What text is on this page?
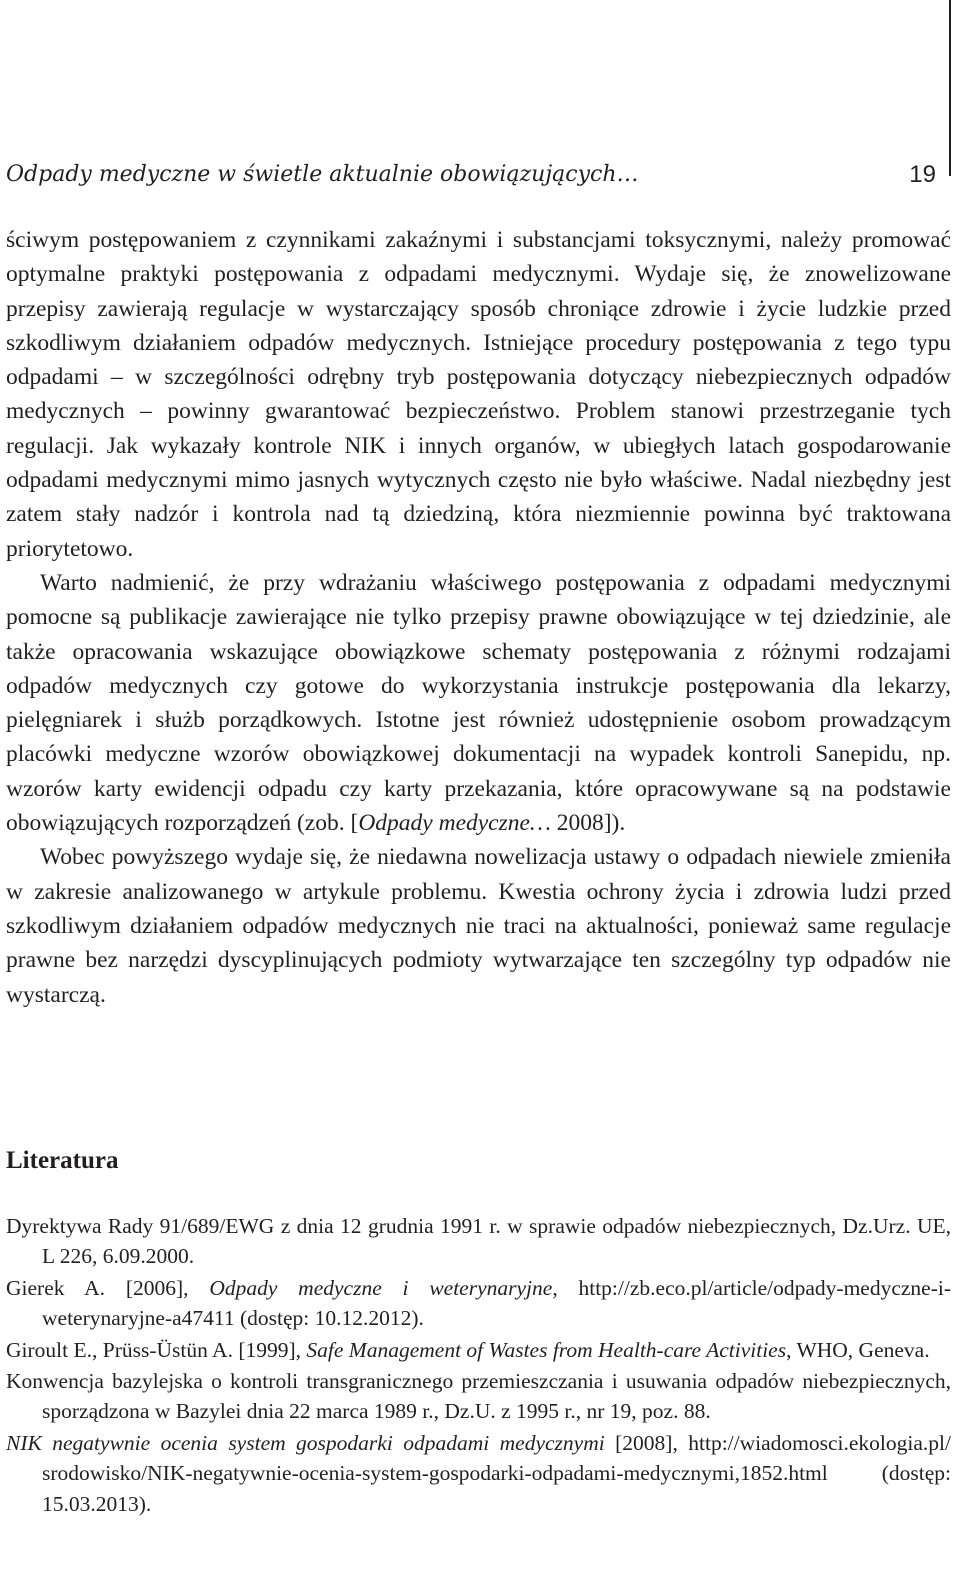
Odpady medyczne w świetle aktualnie obowiązujących…	19

ściwym postępowaniem z czynnikami zakaźnymi i substancjami toksycznymi, należy promować optymalne praktyki postępowania z odpadami medycznymi. Wydaje się, że znowelizowane przepisy zawierają regulacje w wystarczający sposób chroniące zdrowie i życie ludzkie przed szkodliwym działaniem odpadów medycznych. Istniejące procedury postępowania z tego typu odpadami – w szczególności odrębny tryb postępowania dotyczący niebezpiecznych odpadów medycznych – powinny gwarantować bezpieczeństwo. Problem stanowi przestrzeganie tych regulacji. Jak wykazały kontrole NIK i innych organów, w ubiegłych latach gospodarowanie odpadami medycznymi mimo jasnych wytycznych często nie było właściwe. Nadal niezbędny jest zatem stały nadzór i kontrola nad tą dziedziną, która niezmiennie powinna być traktowana priorytetowo.

Warto nadmienić, że przy wdrażaniu właściwego postępowania z odpadami medycznymi pomocne są publikacje zawierające nie tylko przepisy prawne obowiązujące w tej dziedzinie, ale także opracowania wskazujące obowiązkowe schematy postępowania z różnymi rodzajami odpadów medycznych czy gotowe do wykorzystania instrukcje postępowania dla lekarzy, pielęgniarek i służb porządkowych. Istotne jest również udostępnienie osobom prowadzącym placówki medyczne wzorów obowiązkowej dokumentacji na wypadek kontroli Sanepidu, np. wzorów karty ewidencji odpadu czy karty przekazania, które opracowywane są na podstawie obowiązujących rozporządzeń (zob. [Odpady medyczne… 2008]).

Wobec powyższego wydaje się, że niedawna nowelizacja ustawy o odpadach niewiele zmieniła w zakresie analizowanego w artykule problemu. Kwestia ochrony życia i zdrowia ludzi przed szkodliwym działaniem odpadów medycznych nie traci na aktualności, ponieważ same regulacje prawne bez narzędzi dyscyplinujących podmioty wytwarzające ten szczególny typ odpadów nie wystarczą.

Literatura
Dyrektywa Rady 91/689/EWG z dnia 12 grudnia 1991 r. w sprawie odpadów niebezpiecznych, Dz.Urz. UE, L 226, 6.09.2000.
Gierek A. [2006], Odpady medyczne i weterynaryjne, http://zb.eco.pl/article/odpady-medyczne-i-weterynaryjne-a47411 (dostęp: 10.12.2012).
Giroult E., Prüss-Üstün A. [1999], Safe Management of Wastes from Health-care Activities, WHO, Geneva.
Konwencja bazylejska o kontroli transgranicznego przemieszczania i usuwania odpadów niebezpiecznych, sporządzona w Bazylei dnia 22 marca 1989 r., Dz.U. z 1995 r., nr 19, poz. 88.
NIK negatywnie ocenia system gospodarki odpadami medycznymi [2008], http://wiadomosci.ekologia.pl/ srodowisko/NIK-negatywnie-ocenia-system-gospodarki-odpadami-medycznymi,1852.html (dostęp: 15.03.2013).
